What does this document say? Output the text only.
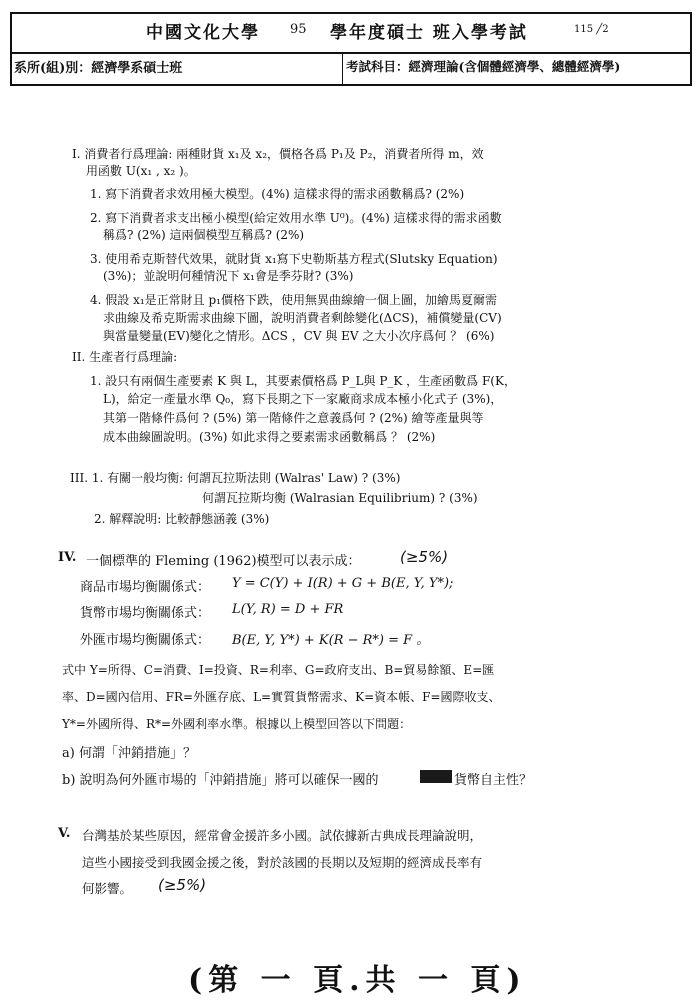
中國文化大學 95 學年度碩士 班入學考試	115 ╱2
系所(組)別：經濟學系碩士班	考試科目：經濟理論(含個體經濟學、總體經濟學)
I. 消費者行爲理論: 兩種財貨 x₁及 x₂，價格各爲 P₁及 P₂，消費者所得 m，效
用函數 U(x₁ , x₂ )。
1. 寫下消費者求效用極大模型。(4%) 這樣求得的需求函數稱爲? (2%)
2. 寫下消費者求支出極小模型(給定效用水準 U⁰)。(4%) 這樣求得的需求函數
稱爲? (2%) 這兩個模型互稱爲? (2%)
3. 使用希克斯替代效果，就財貨 x₁寫下史勒斯基方程式(Slutsky Equation)
(3%)；並說明何種情況下 x₁會是季芬財? (3%)
4. 假設 x₁是正常財且 p₁價格下跌，使用無異曲線繪一個上圖，加繪馬夏爾需
求曲線及希克斯需求曲線下圖，說明消費者剩餘變化(ΔCS)，補償變量(CV)
與當量變量(EV)變化之情形。ΔCS ，CV 與 EV 之大小次序爲何 ？ (6%)
II. 生產者行爲理論:
1. 設只有兩個生產要素 K 與 L，其要素價格爲 P_L與 P_K ，生產函數爲 F(K，
L)，給定一產量水準 Q₀，寫下長期之下一家廠商求成本極小化式子 (3%)，
其第一階條件爲何 ? (5%) 第一階條件之意義爲何 ? (2%) 繪等產量與等
成本曲線圖說明。(3%) 如此求得之要素需求函數稱爲 ？ (2%)
III. 1. 有關一般均衡: 何謂瓦拉斯法則 (Walras' Law) ? (3%)
何謂瓦拉斯均衡 (Walrasian Equilibrium) ? (3%)
2. 解釋說明: 比較靜態涵義 (3%)
IV. 一個標準的 Fleming (1962)模型可以表示成：	(≥5%)
商品市場均衡關係式： Y = C(Y) + I(R) + G + B(E, Y, Y*);
貨幣市場均衡關係式： L(Y, R) = D + FR
外匯市場均衡關係式： B(E, Y, Y*) + K(R − R*) = F 。
式中 Y=所得、C=消費、I=投資、R=利率、G=政府支出、B=貿易餘額、E=匯
率、D=國內信用、FR=外匯存底、L=實質貨幣需求、K=資本帳、F=國際收支、
Y*=外國所得、R*=外國利率水準。根據以上模型回答以下問題：
a) 何謂「沖銷措施」？
b) 說明為何外匯市場的「沖銷措施」將可以確保一國的	貨幣自主性？
V. 台灣基於某些原因，經常會金援許多小國。試依據新古典成長理論說明，
這些小國接受到我國金援之後，對於該國的長期以及短期的經濟成長率有
何影響。 (≥5%)
(第 一 頁.共 一 頁)
